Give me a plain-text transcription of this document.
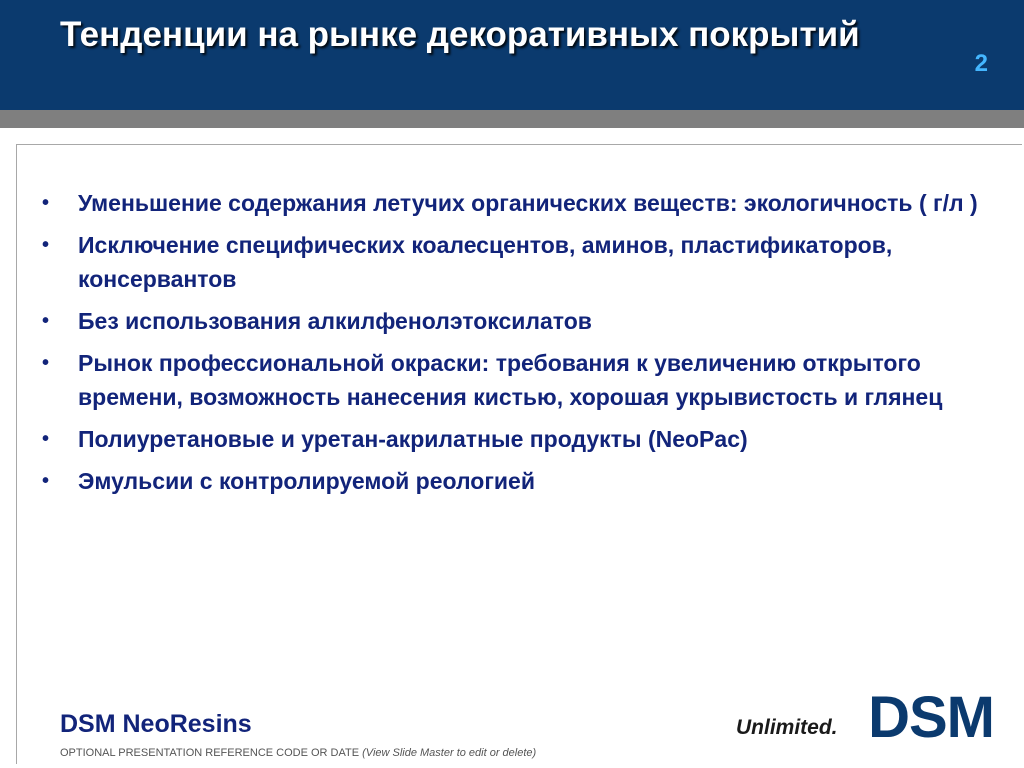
Тенденции на рынке декоративных покрытий
2
• Уменьшение содержания летучих органических веществ: экологичность ( г/л )
• Исключение специфических коалесцентов, аминов, пластификаторов, консервантов
• Без использования алкилфенолэтоксилатов
• Рынок профессиональной окраски: требования к увеличению открытого времени, возможность нанесения кистью, хорошая укрывистость и глянец
• Полиуретановые и уретан-акрилатные продукты (NeoPac)
• Эмульсии с контролируемой реологией
DSM NeoResins
OPTIONAL PRESENTATION REFERENCE CODE OR DATE (View Slide Master to edit or delete)
Unlimited. DSM
